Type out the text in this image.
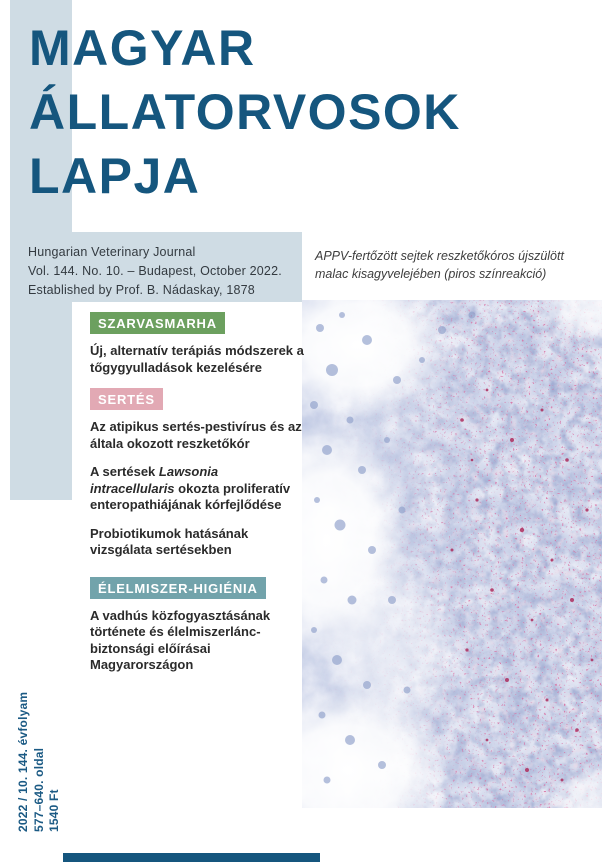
MAGYAR
ÁLLATORVOSOK
LAPJA
Hungarian Veterinary Journal
Vol. 144. No. 10. – Budapest, October 2022.
Established by Prof. B. Nádaskay, 1878
APPV-fertőzött sejtek reszketőkóros újszülött malac kisagyvelejében (piros színreakció)
SZARVASMARHA
Új, alternatív terápiás módszerek a tőgygyulladások kezelésére
SERTÉS
Az atipikus sertés-pestivírus és az általa okozott reszketőkór
A sertések Lawsonia intracellularis okozta proliferatív enteropathiájának kórfejlődése
Probiotikumok hatásának vizsgálata sertésekben
ÉLELMISZER-HIGIÉNIA
A vadhús közfogyasztásának története és élelmiszerlánc-biztonsági előírásai Magyarországon
2022 / 10. 144. évfolyam 577–640. oldal 1540 Ft
